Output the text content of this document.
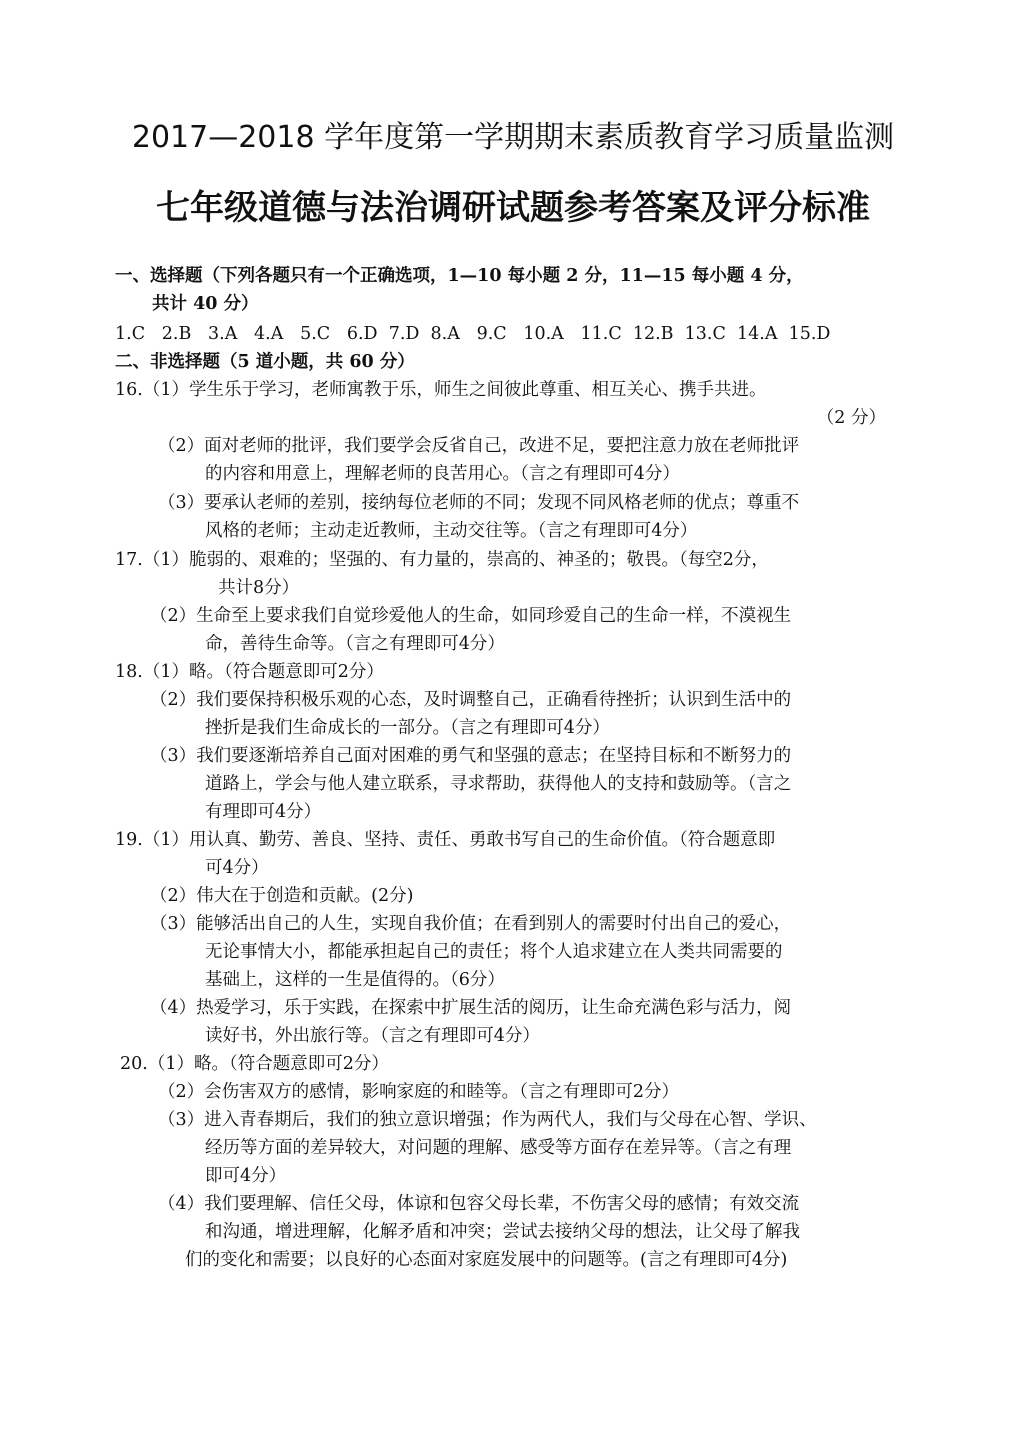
2017—2018 学年度第一学期期末素质教育学习质量监测
七年级道德与法治调研试题参考答案及评分标准
一、选择题（下列各题只有一个正确选项，1—10 每小题 2 分，11—15 每小题 4 分，
共计 40 分）
1.C   2.B   3.A   4.A   5.C   6.D  7.D  8.A   9.C   10.A   11.C  12.B  13.C  14.A  15.D
二、非选择题（5 道小题，共 60 分）
16.（1）学生乐于学习，老师寓教于乐，师生之间彼此尊重、相互关心、携手共进。
（2 分）
（2）面对老师的批评，我们要学会反省自己，改进不足，要把注意力放在老师批评
的内容和用意上，理解老师的良苦用心。（言之有理即可4分）
（3）要承认老师的差别，接纳每位老师的不同；发现不同风格老师的优点；尊重不
风格的老师；主动走近教师，主动交往等。（言之有理即可4分）
17.（1）脆弱的、艰难的；坚强的、有力量的，崇高的、神圣的；敬畏。（每空2分，
共计8分）
（2）生命至上要求我们自觉珍爱他人的生命，如同珍爱自己的生命一样，不漠视生
命，善待生命等。（言之有理即可4分）
18.（1）略。（符合题意即可2分）
（2）我们要保持积极乐观的心态，及时调整自己，正确看待挫折；认识到生活中的
挫折是我们生命成长的一部分。（言之有理即可4分）
（3）我们要逐渐培养自己面对困难的勇气和坚强的意志；在坚持目标和不断努力的
道路上，学会与他人建立联系，寻求帮助，获得他人的支持和鼓励等。（言之
有理即可4分）
19.（1）用认真、勤劳、善良、坚持、责任、勇敢书写自己的生命价值。（符合题意即
可4分）
（2）伟大在于创造和贡献。(2分)
（3）能够活出自己的人生，实现自我价值；在看到别人的需要时付出自己的爱心，
无论事情大小，都能承担起自己的责任；将个人追求建立在人类共同需要的
基础上，这样的一生是值得的。（6分）
（4）热爱学习，乐于实践，在探索中扩展生活的阅历，让生命充满色彩与活力，阅
读好书，外出旅行等。（言之有理即可4分）
20.（1）略。（符合题意即可2分）
（2）会伤害双方的感情，影响家庭的和睦等。（言之有理即可2分）
（3）进入青春期后，我们的独立意识增强；作为两代人，我们与父母在心智、学识、
经历等方面的差异较大，对问题的理解、感受等方面存在差异等。（言之有理
即可4分）
（4）我们要理解、信任父母，体谅和包容父母长辈，不伤害父母的感情；有效交流
和沟通，增进理解，化解矛盾和冲突；尝试去接纳父母的想法，让父母了解我
们的变化和需要；以良好的心态面对家庭发展中的问题等。(言之有理即可4分)
